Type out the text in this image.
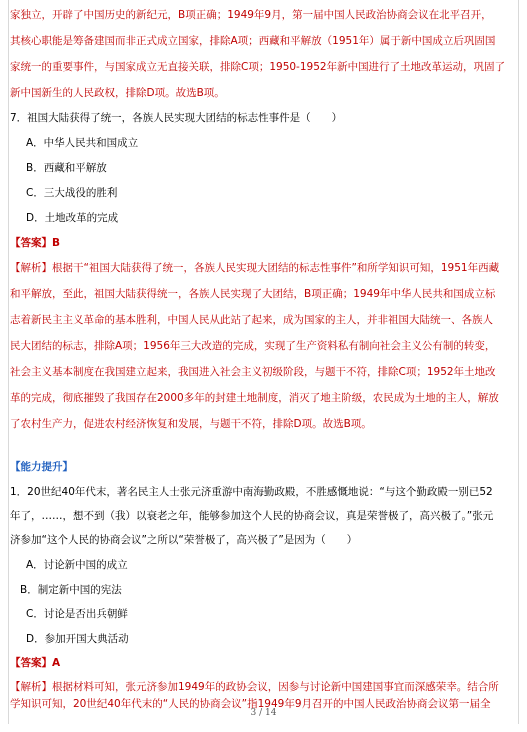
家独立，开辟了中国历史的新纪元，B项正确；1949年9月，第一届中国人民政治协商会议在北平召开，
其核心职能是筹备建国而非正式成立国家，排除A项；西藏和平解放（1951年）属于新中国成立后巩固国
家统一的重要事件，与国家成立无直接关联，排除C项；1950-1952年新中国进行了土地改革运动，巩固了
新中国新生的人民政权，排除D项。故选B项。
7．祖国大陆获得了统一，各族人民实现大团结的标志性事件是（　　）
A．中华人民共和国成立
B．西藏和平解放
C．三大战役的胜利
D．土地改革的完成
【答案】B
【解析】根据干“祖国大陆获得了统一，各族人民实现大团结的标志性事件”和所学知识可知，1951年西藏
和平解放，至此，祖国大陆获得统一，各族人民实现了大团结，B项正确；1949年中华人民共和国成立标
志着新民主主义革命的基本胜利，中国人民从此站了起来，成为国家的主人，并非祖国大陆统一、各族人
民大团结的标志，排除A项；1956年三大改造的完成，实现了生产资料私有制向社会主义公有制的转变，
社会主义基本制度在我国建立起来，我国进入社会主义初级阶段，与题干不符，排除C项；1952年土地改
革的完成，彻底摧毁了我国存在2000多年的封建土地制度，消灭了地主阶级，农民成为土地的主人，解放
了农村生产力，促进农村经济恢复和发展，与题干不符，排除D项。故选B项。
【能力提升】
1．20世纪40年代末，著名民主人士张元济重游中南海勤政殿，不胜感慨地说：“与这个勤政殿一别已52
年了，……，想不到（我）以衰老之年，能够参加这个人民的协商会议，真是荣誉极了，高兴极了。”张元
济参加“这个人民的协商会议”之所以“荣誉极了，高兴极了”是因为（　　）
A．讨论新中国的成立
B．制定新中国的宪法
C．讨论是否出兵朝鲜
D．参加开国大典活动
【答案】A
【解析】根据材料可知，张元济参加1949年的政协会议，因参与讨论新中国建国事宜而深感荣幸。结合所
学知识可知，20世纪40年代末的“人民的协商会议”指1949年9月召开的中国人民政治协商会议第一届全
3 / 14
